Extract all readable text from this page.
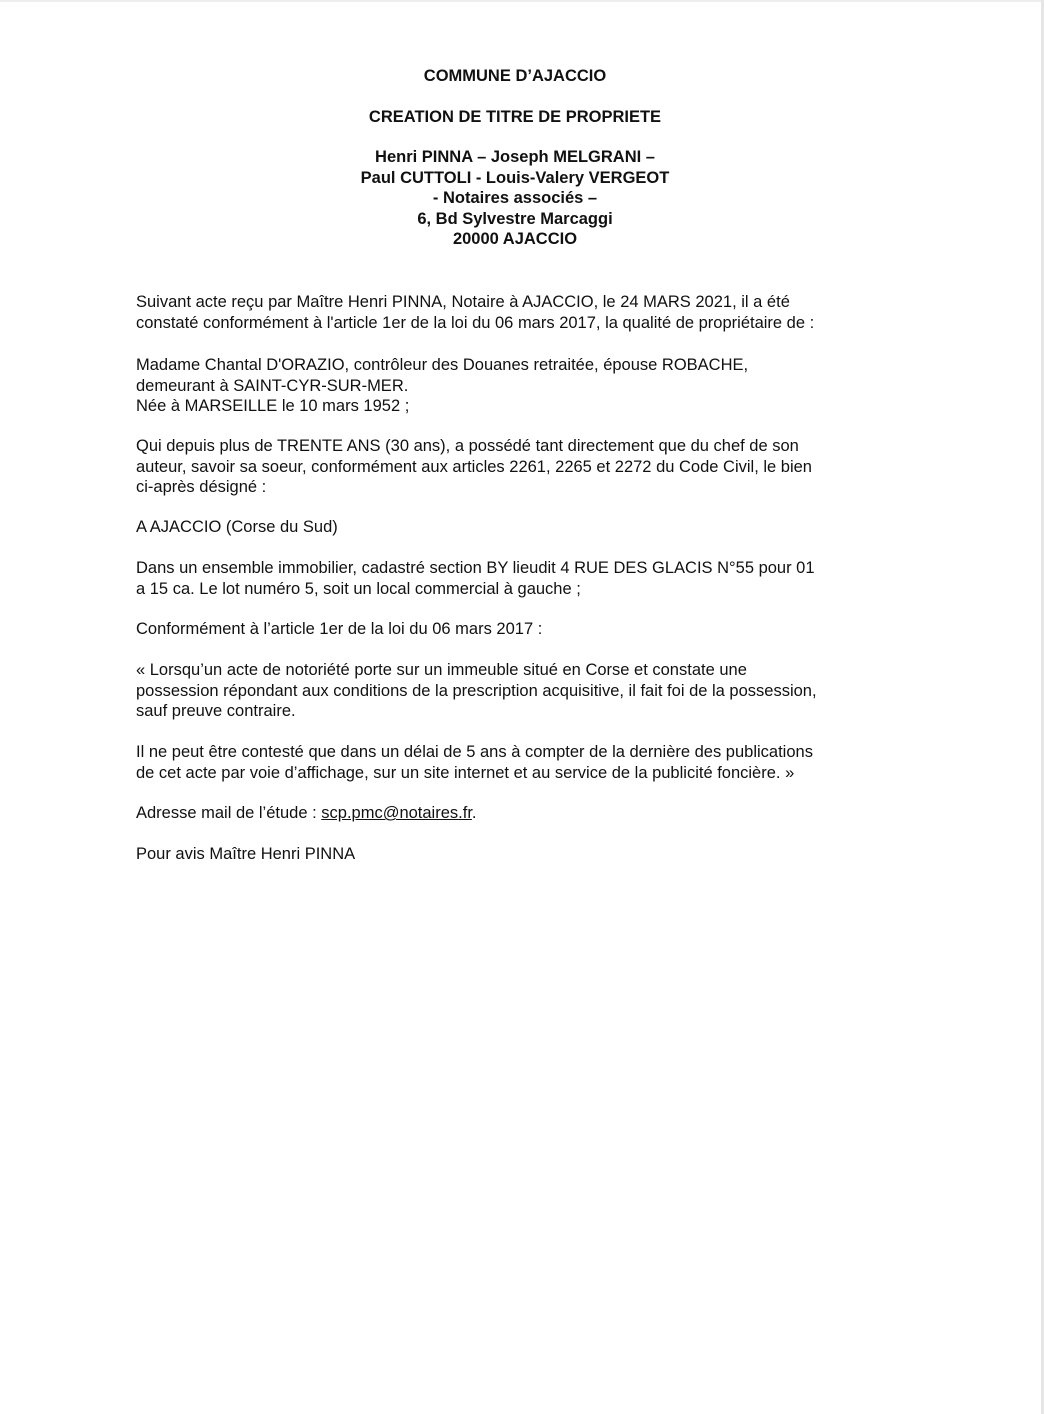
COMMUNE D’AJACCIO
CREATION DE TITRE DE PROPRIETE
Henri PINNA – Joseph MELGRANI –
Paul CUTTOLI - Louis-Valery VERGEOT
- Notaires associés –
6, Bd Sylvestre Marcaggi
20000 AJACCIO

Suivant acte reçu par Maître Henri PINNA, Notaire à AJACCIO, le 24 MARS 2021, il a été

constaté conformément à l'article 1er de la loi du 06 mars 2017, la qualité de propriétaire de :

Madame Chantal D'ORAZIO, contrôleur des Douanes retraitée, épouse ROBACHE,

demeurant à SAINT-CYR-SUR-MER.

Née à MARSEILLE le 10 mars 1952 ;

Qui depuis plus de TRENTE ANS (30 ans), a possédé tant directement que du chef de son

auteur, savoir sa soeur, conformément aux articles 2261, 2265 et 2272 du Code Civil, le bien

ci-après désigné :

A AJACCIO (Corse du Sud)

Dans un ensemble immobilier, cadastré section BY lieudit 4 RUE DES GLACIS N°55 pour 01

a 15 ca. Le lot numéro 5, soit un local commercial à gauche ;

Conformément à l’article 1er de la loi du 06 mars 2017 :

« Lorsqu’un acte de notoriété porte sur un immeuble situé en Corse et constate une

possession répondant aux conditions de la prescription acquisitive, il fait foi de la possession,

sauf preuve contraire.

Il ne peut être contesté que dans un délai de 5 ans à compter de la dernière des publications

de cet acte par voie d’affichage, sur un site internet et au service de la publicité foncière. »

Adresse mail de l’étude : scp.pmc@notaires.fr.

Pour avis Maître Henri PINNA
